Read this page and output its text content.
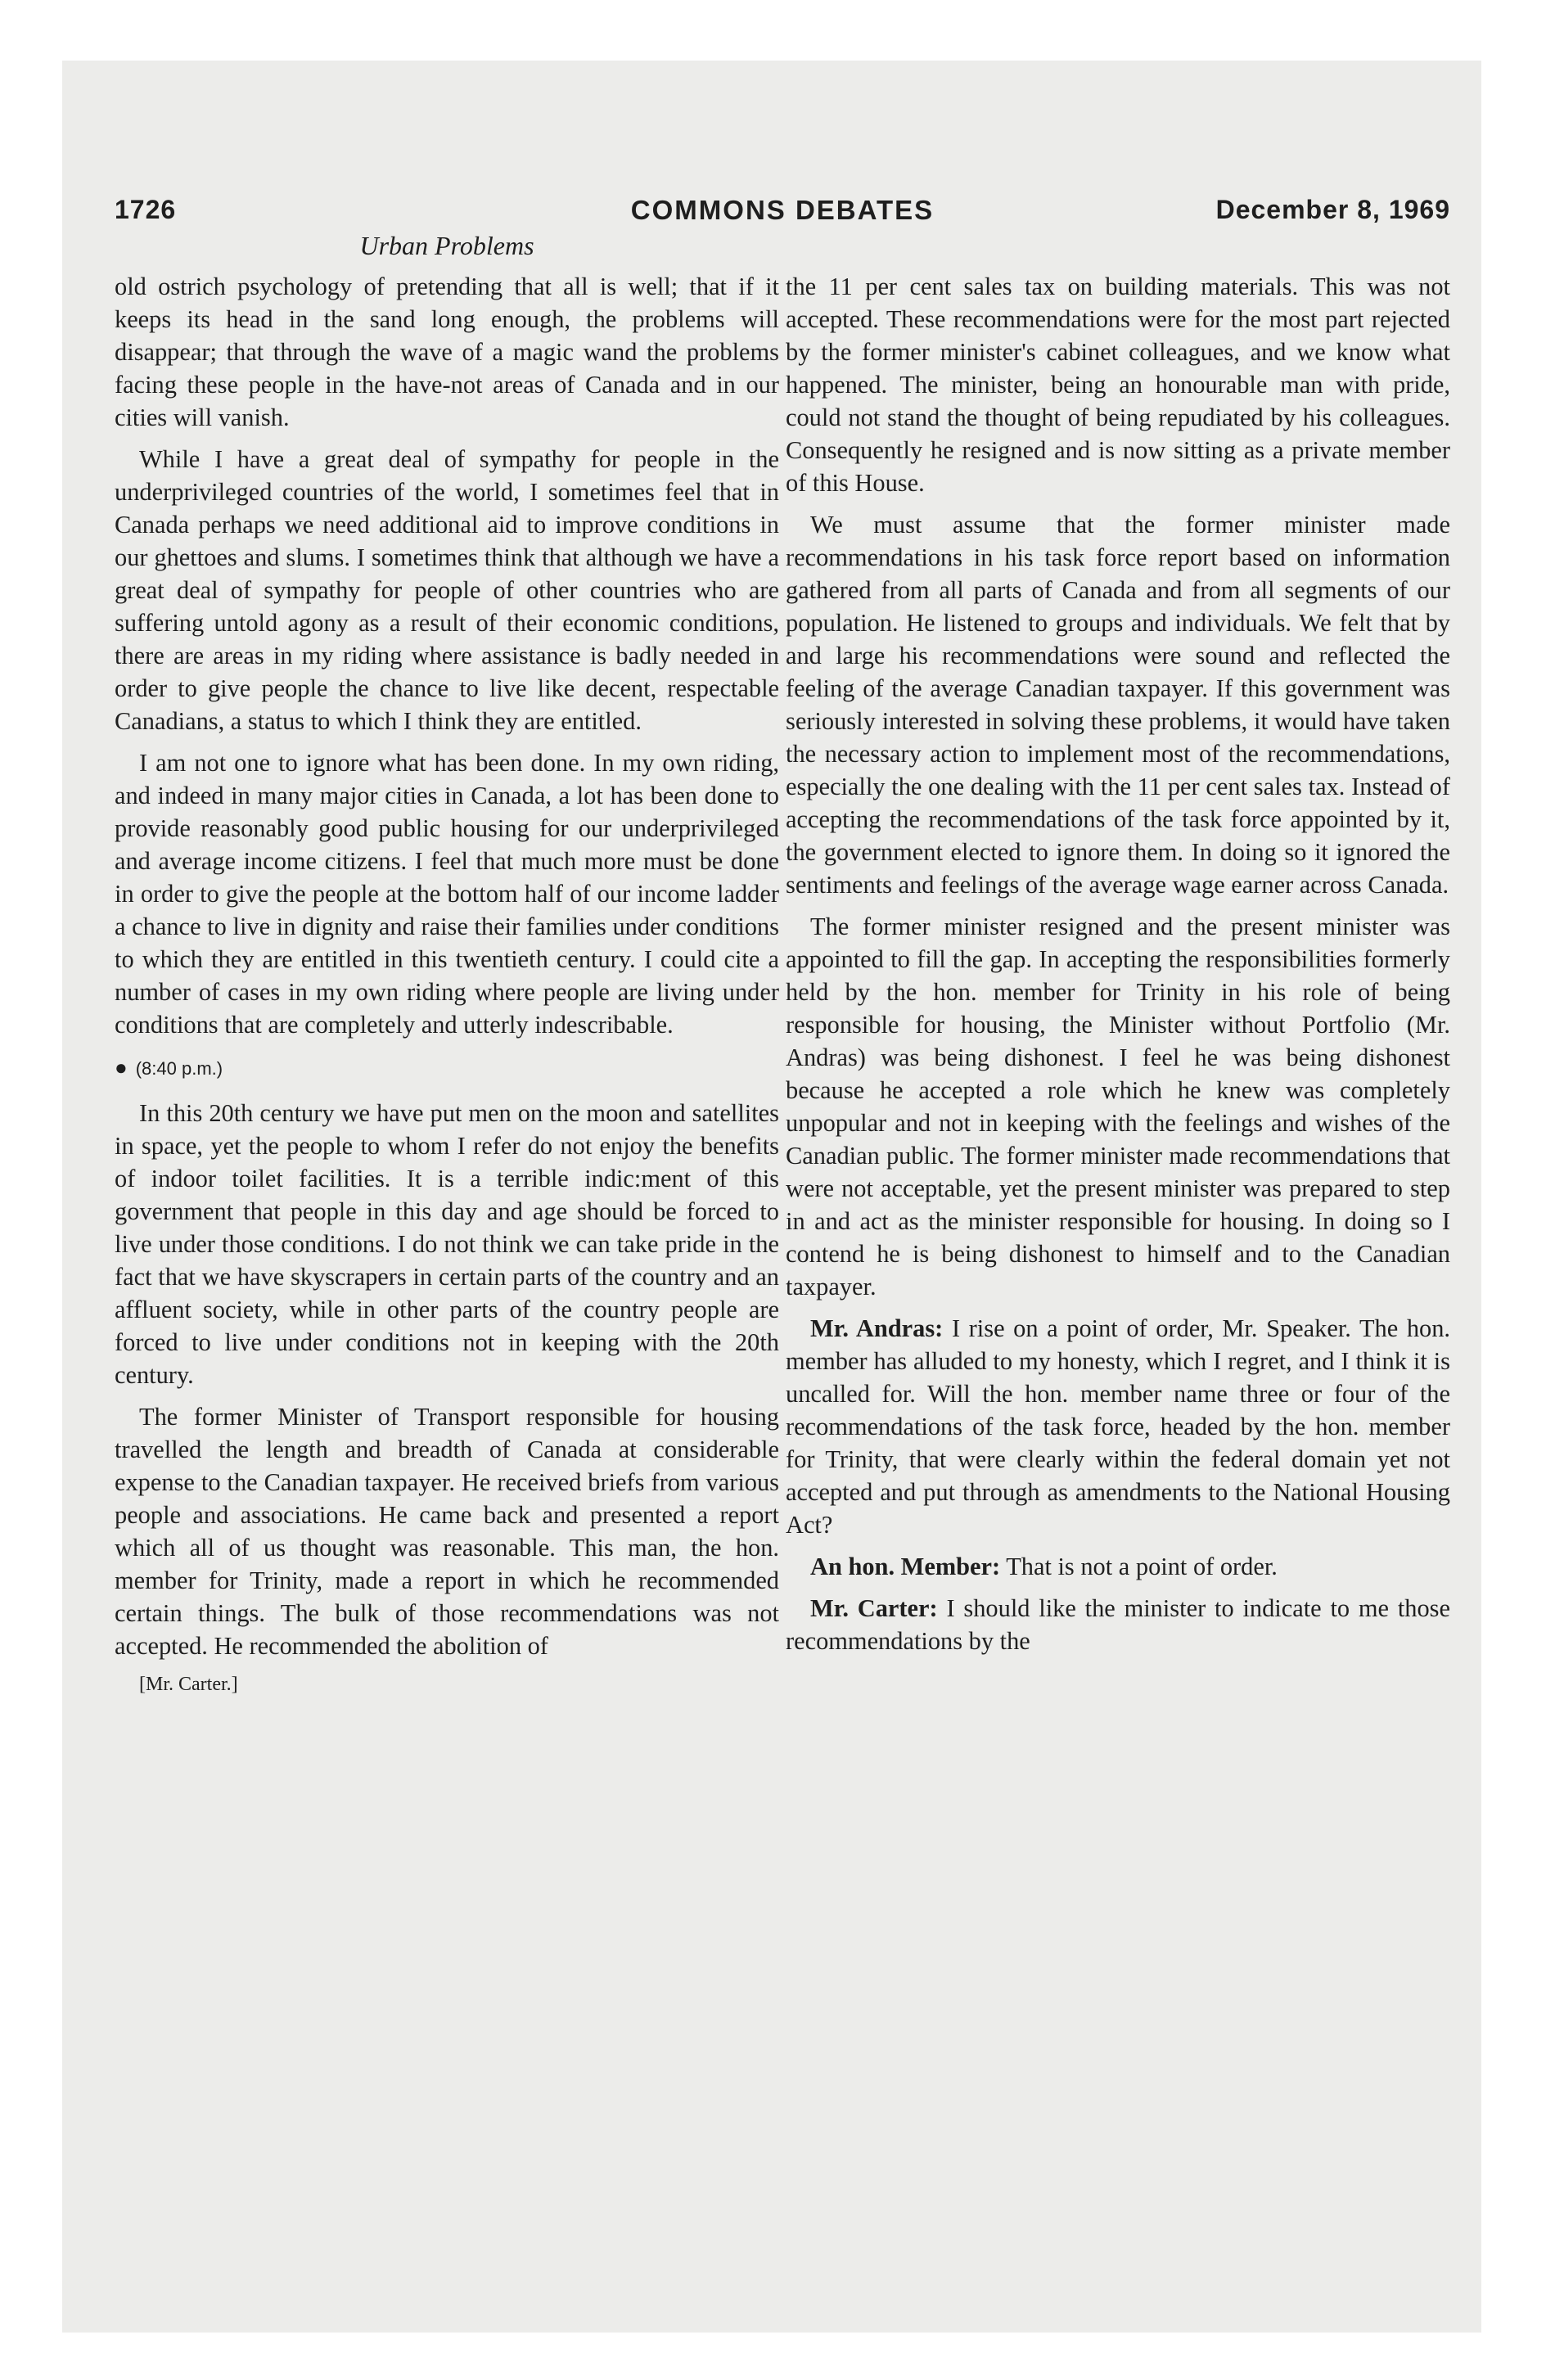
1726	COMMONS DEBATES	December 8, 1969
Urban Problems

old ostrich psychology of pretending that all is well; that if it keeps its head in the sand long enough, the problems will disappear; that through the wave of a magic wand the problems facing these people in the have-not areas of Canada and in our cities will vanish.

While I have a great deal of sympathy for people in the underprivileged countries of the world, I sometimes feel that in Canada perhaps we need additional aid to improve conditions in our ghettoes and slums. I sometimes think that although we have a great deal of sympathy for people of other countries who are suffering untold agony as a result of their economic conditions, there are areas in my riding where assistance is badly needed in order to give people the chance to live like decent, respectable Canadians, a status to which I think they are entitled.

I am not one to ignore what has been done. In my own riding, and indeed in many major cities in Canada, a lot has been done to provide reasonably good public housing for our underprivileged and average income citizens. I feel that much more must be done in order to give the people at the bottom half of our income ladder a chance to live in dignity and raise their families under conditions to which they are entitled in this twentieth century. I could cite a number of cases in my own riding where people are living under conditions that are completely and utterly indescribable.

● (8:40 p.m.)

In this 20th century we have put men on the moon and satellites in space, yet the people to whom I refer do not enjoy the benefits of indoor toilet facilities. It is a terrible indic:ment of this government that people in this day and age should be forced to live under those conditions. I do not think we can take pride in the fact that we have skyscrapers in certain parts of the country and an affluent society, while in other parts of the country people are forced to live under conditions not in keeping with the 20th century.

The former Minister of Transport responsible for housing travelled the length and breadth of Canada at considerable expense to the Canadian taxpayer. He received briefs from various people and associations. He came back and presented a report which all of us thought was reasonable. This man, the hon. member for Trinity, made a report in which he recommended certain things. The bulk of those recommendations was not accepted. He recommended the abolition of

[Mr. Carter.]

the 11 per cent sales tax on building materials. This was not accepted. These recommendations were for the most part rejected by the former minister's cabinet colleagues, and we know what happened. The minister, being an honourable man with pride, could not stand the thought of being repudiated by his colleagues. Consequently he resigned and is now sitting as a private member of this House.

We must assume that the former minister made recommendations in his task force report based on information gathered from all parts of Canada and from all segments of our population. He listened to groups and individuals. We felt that by and large his recommendations were sound and reflected the feeling of the average Canadian taxpayer. If this government was seriously interested in solving these problems, it would have taken the necessary action to implement most of the recommendations, especially the one dealing with the 11 per cent sales tax. Instead of accepting the recommendations of the task force appointed by it, the government elected to ignore them. In doing so it ignored the sentiments and feelings of the average wage earner across Canada.

The former minister resigned and the present minister was appointed to fill the gap. In accepting the responsibilities formerly held by the hon. member for Trinity in his role of being responsible for housing, the Minister without Portfolio (Mr. Andras) was being dishonest. I feel he was being dishonest because he accepted a role which he knew was completely unpopular and not in keeping with the feelings and wishes of the Canadian public. The former minister made recommendations that were not acceptable, yet the present minister was prepared to step in and act as the minister responsible for housing. In doing so I contend he is being dishonest to himself and to the Canadian taxpayer.

Mr. Andras: I rise on a point of order, Mr. Speaker. The hon. member has alluded to my honesty, which I regret, and I think it is uncalled for. Will the hon. member name three or four of the recommendations of the task force, headed by the hon. member for Trinity, that were clearly within the federal domain yet not accepted and put through as amendments to the National Housing Act?

An hon. Member: That is not a point of order.

Mr. Carter: I should like the minister to indicate to me those recommendations by the
